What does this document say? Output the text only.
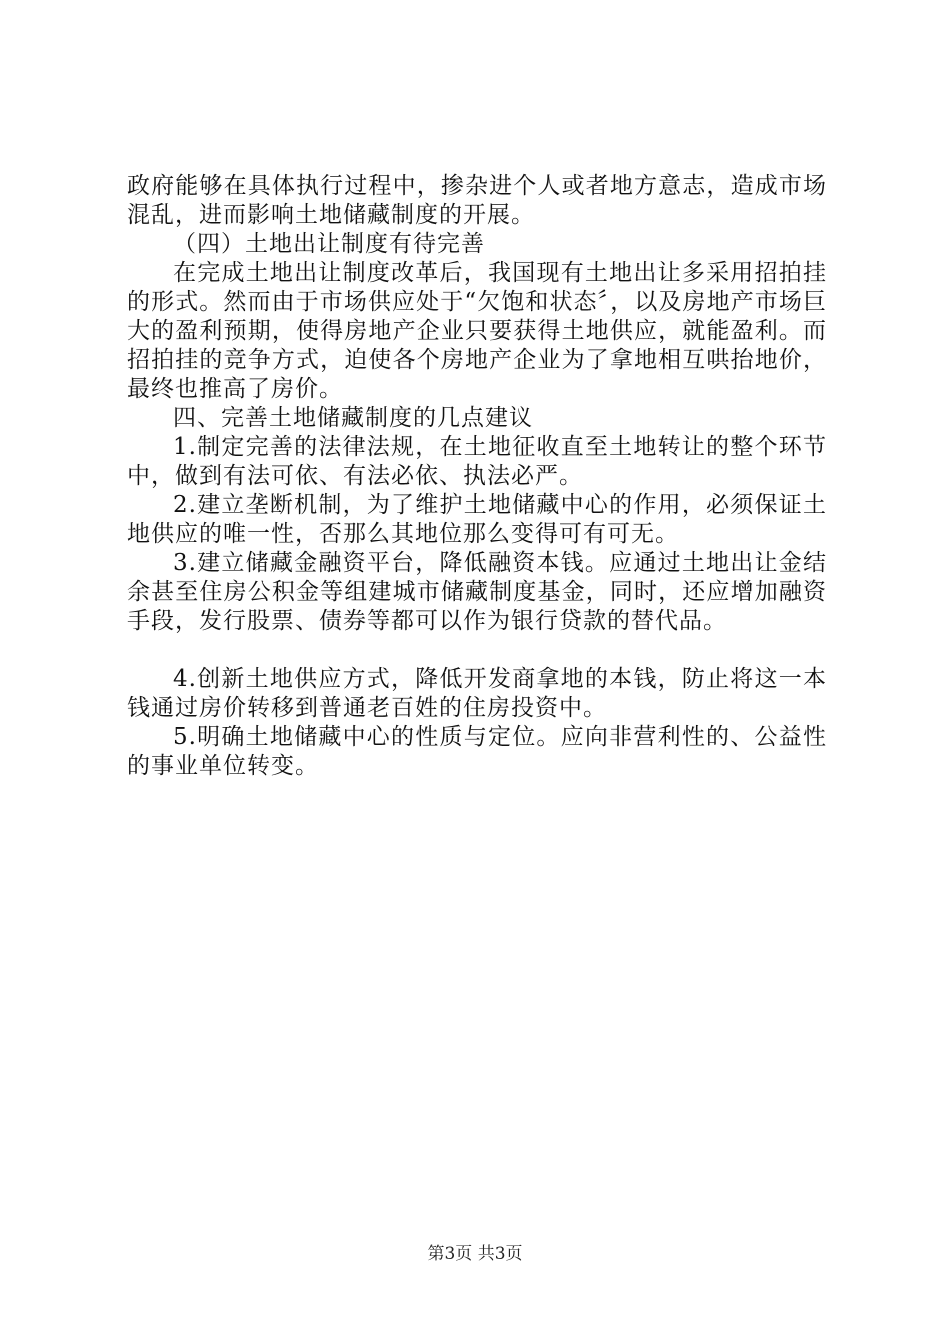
政府能够在具体执行过程中，掺杂进个人或者地方意志，造成市场混乱，进而影响土地储藏制度的开展。

（四）土地出让制度有待完善

在完成土地出让制度改革后，我国现有土地出让多采用招拍挂的形式。然而由于市场供应处于“欠饱和状态〞，以及房地产市场巨大的盈利预期，使得房地产企业只要获得土地供应，就能盈利。而招拍挂的竞争方式，迫使各个房地产企业为了拿地相互哄抬地价，最终也推高了房价。

四、完善土地储藏制度的几点建议

1.制定完善的法律法规，在土地征收直至土地转让的整个环节中，做到有法可依、有法必依、执法必严。

2.建立垄断机制，为了维护土地储藏中心的作用，必须保证土地供应的唯一性，否那么其地位那么变得可有可无。

3.建立储藏金融资平台，降低融资本钱。应通过土地出让金结余甚至住房公积金等组建城市储藏制度基金，同时，还应增加融资手段，发行股票、债券等都可以作为银行贷款的替代品。

4.创新土地供应方式，降低开发商拿地的本钱，防止将这一本钱通过房价转移到普通老百姓的住房投资中。

5.明确土地储藏中心的性质与定位。应向非营利性的、公益性的事业单位转变。

第3页 共3页
